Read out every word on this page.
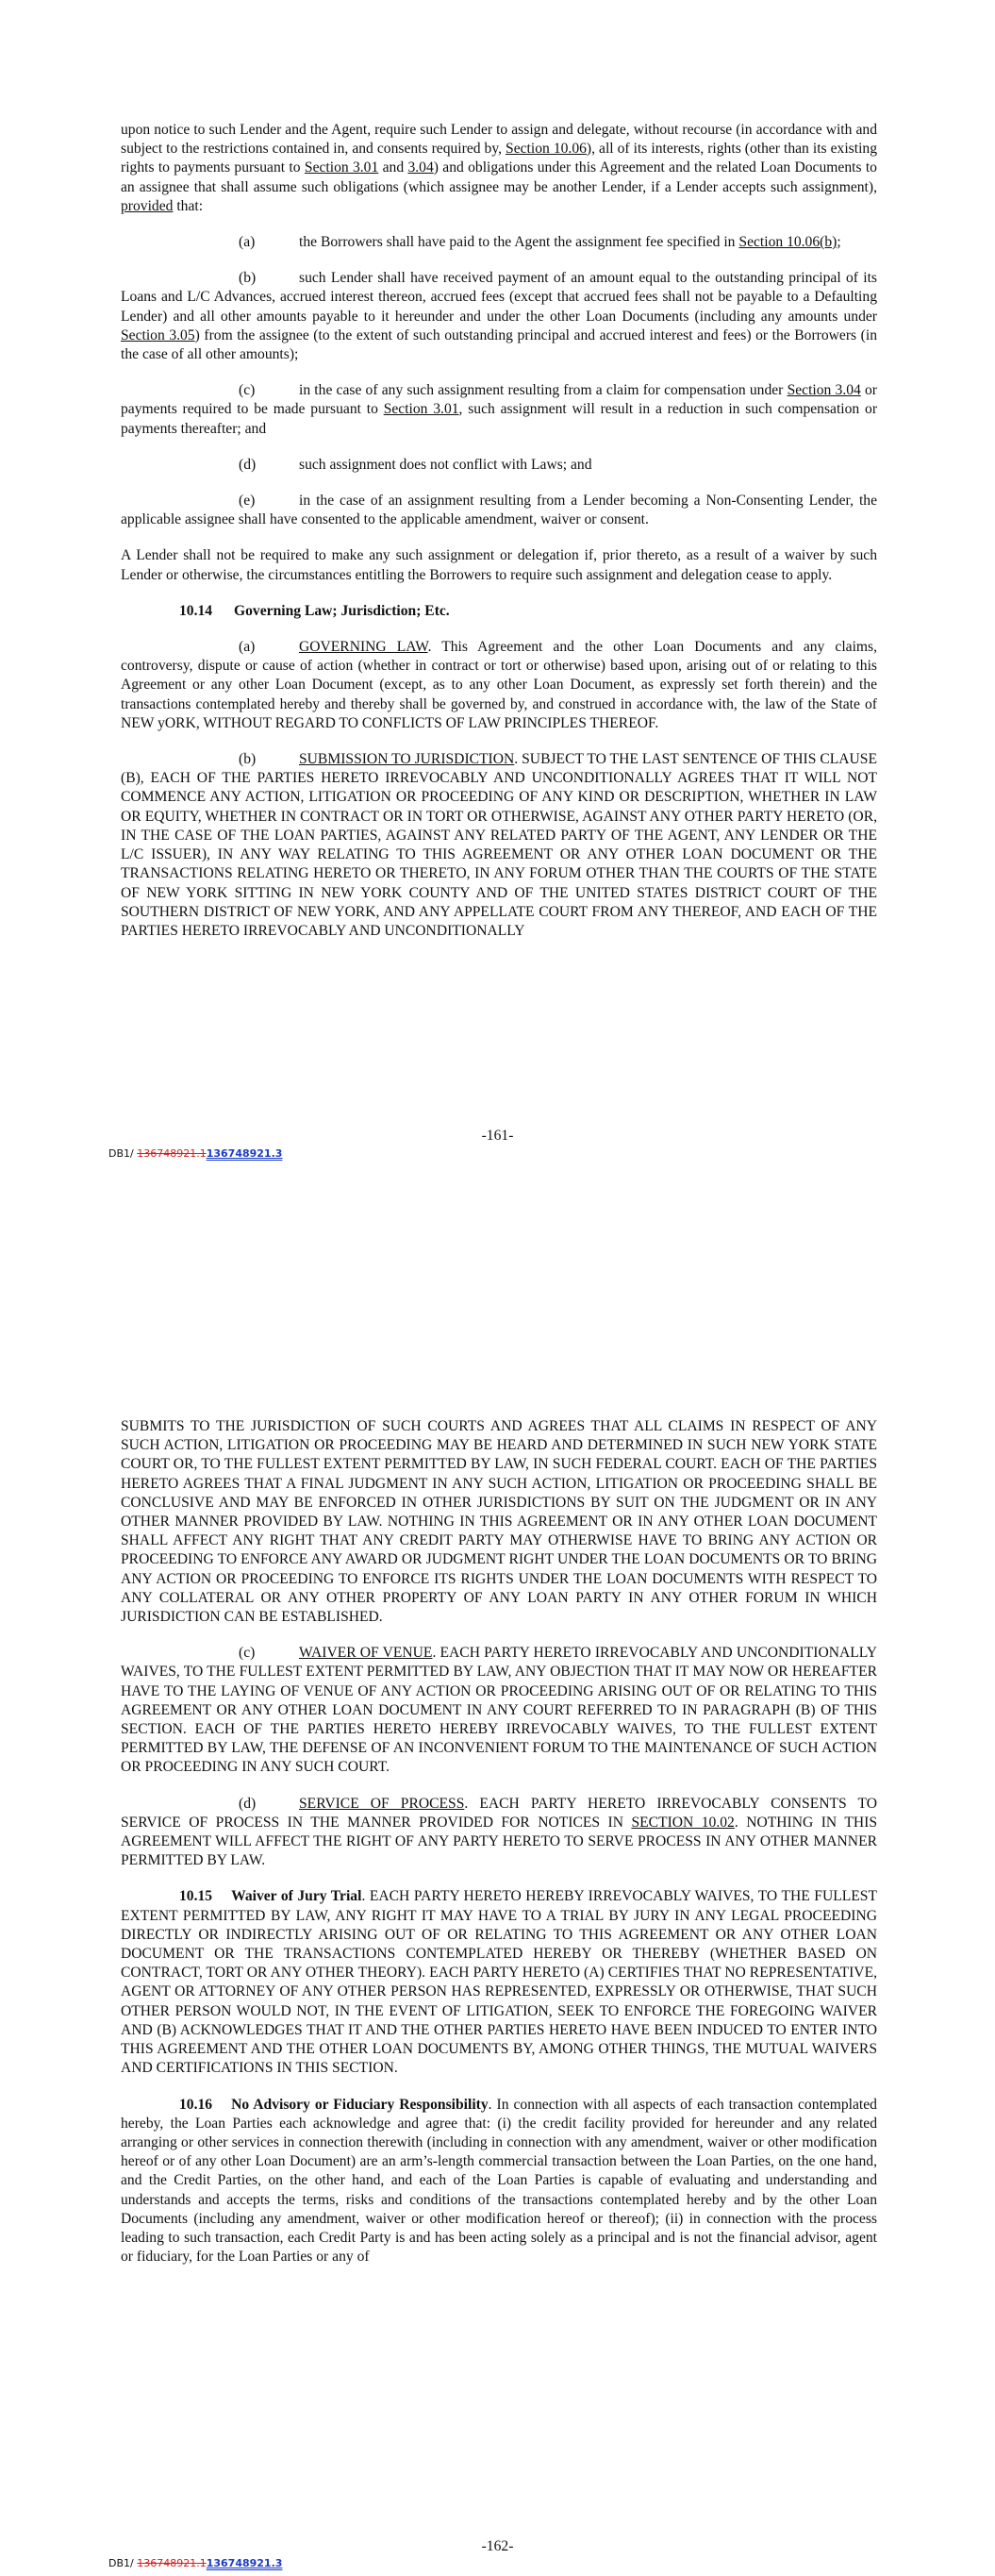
upon notice to such Lender and the Agent, require such Lender to assign and delegate, without recourse (in accordance with and subject to the restrictions contained in, and consents required by, Section 10.06), all of its interests, rights (other than its existing rights to payments pursuant to Section 3.01 and 3.04) and obligations under this Agreement and the related Loan Documents to an assignee that shall assume such obligations (which assignee may be another Lender, if a Lender accepts such assignment), provided that:

(a)	the Borrowers shall have paid to the Agent the assignment fee specified in Section 10.06(b);

(b)	such Lender shall have received payment of an amount equal to the outstanding principal of its Loans and L/C Advances, accrued interest thereon, accrued fees (except that accrued fees shall not be payable to a Defaulting Lender) and all other amounts payable to it hereunder and under the other Loan Documents (including any amounts under Section 3.05) from the assignee (to the extent of such outstanding principal and accrued interest and fees) or the Borrowers (in the case of all other amounts);

(c)	in the case of any such assignment resulting from a claim for compensation under Section 3.04 or payments required to be made pursuant to Section 3.01, such assignment will result in a reduction in such compensation or payments thereafter; and

(d)	such assignment does not conflict with Laws; and

(e)	in the case of an assignment resulting from a Lender becoming a Non-Consenting Lender, the applicable assignee shall have consented to the applicable amendment, waiver or consent.

A Lender shall not be required to make any such assignment or delegation if, prior thereto, as a result of a waiver by such Lender or otherwise, the circumstances entitling the Borrowers to require such assignment and delegation cease to apply.

10.14 Governing Law; Jurisdiction; Etc.

(a)	GOVERNING LAW. This Agreement and the other Loan Documents and any claims, controversy, dispute or cause of action (whether in contract or tort or otherwise) based upon, arising out of or relating to this Agreement or any other Loan Document (except, as to any other Loan Document, as expressly set forth therein) and the transactions contemplated hereby and thereby shall be governed by, and construed in accordance with, the law of the State of NEW yORK, WITHOUT REGARD TO CONFLICTS OF LAW PRINCIPLES THEREOF.

(b)	SUBMISSION TO JURISDICTION. SUBJECT TO THE LAST SENTENCE OF THIS CLAUSE (B), EACH OF THE PARTIES HERETO IRREVOCABLY AND UNCONDITIONALLY AGREES THAT IT WILL NOT COMMENCE ANY ACTION, LITIGATION OR PROCEEDING OF ANY KIND OR DESCRIPTION, WHETHER IN LAW OR EQUITY, WHETHER IN CONTRACT OR IN TORT OR OTHERWISE, AGAINST ANY OTHER PARTY HERETO (OR, IN THE CASE OF THE LOAN PARTIES, AGAINST ANY RELATED PARTY OF THE AGENT, ANY LENDER OR THE L/C ISSUER), IN ANY WAY RELATING TO THIS AGREEMENT OR ANY OTHER LOAN DOCUMENT OR THE TRANSACTIONS RELATING HERETO OR THERETO, IN ANY FORUM OTHER THAN THE COURTS OF THE STATE OF NEW YORK SITTING IN NEW YORK COUNTY AND OF THE UNITED STATES DISTRICT COURT OF THE SOUTHERN DISTRICT OF NEW YORK, AND ANY APPELLATE COURT FROM ANY THEREOF, AND EACH OF THE PARTIES HERETO IRREVOCABLY AND UNCONDITIONALLY

-161-
DB1/ 136748921.1136748921.3

SUBMITS TO THE JURISDICTION OF SUCH COURTS AND AGREES THAT ALL CLAIMS IN RESPECT OF ANY SUCH ACTION, LITIGATION OR PROCEEDING MAY BE HEARD AND DETERMINED IN SUCH NEW YORK STATE COURT OR, TO THE FULLEST EXTENT PERMITTED BY LAW, IN SUCH FEDERAL COURT. EACH OF THE PARTIES HERETO AGREES THAT A FINAL JUDGMENT IN ANY SUCH ACTION, LITIGATION OR PROCEEDING SHALL BE CONCLUSIVE AND MAY BE ENFORCED IN OTHER JURISDICTIONS BY SUIT ON THE JUDGMENT OR IN ANY OTHER MANNER PROVIDED BY LAW. NOTHING IN THIS AGREEMENT OR IN ANY OTHER LOAN DOCUMENT SHALL AFFECT ANY RIGHT THAT ANY CREDIT PARTY MAY OTHERWISE HAVE TO BRING ANY ACTION OR PROCEEDING TO ENFORCE ANY AWARD OR JUDGMENT RIGHT UNDER THE LOAN DOCUMENTS OR TO BRING ANY ACTION OR PROCEEDING TO ENFORCE ITS RIGHTS UNDER THE LOAN DOCUMENTS WITH RESPECT TO ANY COLLATERAL OR ANY OTHER PROPERTY OF ANY LOAN PARTY IN ANY OTHER FORUM IN WHICH JURISDICTION CAN BE ESTABLISHED.

(c)	WAIVER OF VENUE. EACH PARTY HERETO IRREVOCABLY AND UNCONDITIONALLY WAIVES, TO THE FULLEST EXTENT PERMITTED BY LAW, ANY OBJECTION THAT IT MAY NOW OR HEREAFTER HAVE TO THE LAYING OF VENUE OF ANY ACTION OR PROCEEDING ARISING OUT OF OR RELATING TO THIS AGREEMENT OR ANY OTHER LOAN DOCUMENT IN ANY COURT REFERRED TO IN PARAGRAPH (B) OF THIS SECTION. EACH OF THE PARTIES HERETO HEREBY IRREVOCABLY WAIVES, TO THE FULLEST EXTENT PERMITTED BY LAW, THE DEFENSE OF AN INCONVENIENT FORUM TO THE MAINTENANCE OF SUCH ACTION OR PROCEEDING IN ANY SUCH COURT.

(d)	SERVICE OF PROCESS. EACH PARTY HERETO IRREVOCABLY CONSENTS TO SERVICE OF PROCESS IN THE MANNER PROVIDED FOR NOTICES IN SECTION 10.02. NOTHING IN THIS AGREEMENT WILL AFFECT THE RIGHT OF ANY PARTY HERETO TO SERVE PROCESS IN ANY OTHER MANNER PERMITTED BY LAW.

10.15 Waiver of Jury Trial. EACH PARTY HERETO HEREBY IRREVOCABLY WAIVES, TO THE FULLEST EXTENT PERMITTED BY LAW, ANY RIGHT IT MAY HAVE TO A TRIAL BY JURY IN ANY LEGAL PROCEEDING DIRECTLY OR INDIRECTLY ARISING OUT OF OR RELATING TO THIS AGREEMENT OR ANY OTHER LOAN DOCUMENT OR THE TRANSACTIONS CONTEMPLATED HEREBY OR THEREBY (WHETHER BASED ON CONTRACT, TORT OR ANY OTHER THEORY). EACH PARTY HERETO (A) CERTIFIES THAT NO REPRESENTATIVE, AGENT OR ATTORNEY OF ANY OTHER PERSON HAS REPRESENTED, EXPRESSLY OR OTHERWISE, THAT SUCH OTHER PERSON WOULD NOT, IN THE EVENT OF LITIGATION, SEEK TO ENFORCE THE FOREGOING WAIVER AND (B) ACKNOWLEDGES THAT IT AND THE OTHER PARTIES HERETO HAVE BEEN INDUCED TO ENTER INTO THIS AGREEMENT AND THE OTHER LOAN DOCUMENTS BY, AMONG OTHER THINGS, THE MUTUAL WAIVERS AND CERTIFICATIONS IN THIS SECTION.

10.16 No Advisory or Fiduciary Responsibility. In connection with all aspects of each transaction contemplated hereby, the Loan Parties each acknowledge and agree that: (i) the credit facility provided for hereunder and any related arranging or other services in connection therewith (including in connection with any amendment, waiver or other modification hereof or of any other Loan Document) are an arm’s-length commercial transaction between the Loan Parties, on the one hand, and the Credit Parties, on the other hand, and each of the Loan Parties is capable of evaluating and understanding and understands and accepts the terms, risks and conditions of the transactions contemplated hereby and by the other Loan Documents (including any amendment, waiver or other modification hereof or thereof); (ii) in connection with the process leading to such transaction, each Credit Party is and has been acting solely as a principal and is not the financial advisor, agent or fiduciary, for the Loan Parties or any of

-162-
DB1/ 136748921.1136748921.3
